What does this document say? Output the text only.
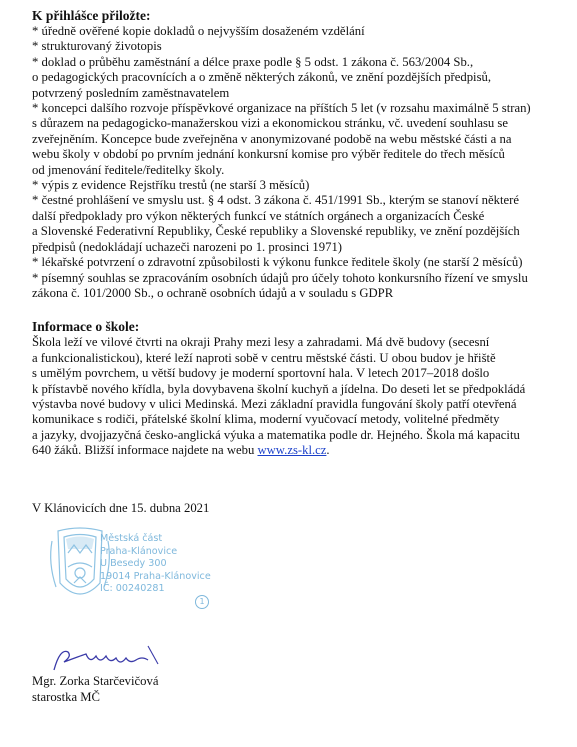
K přihlášce přiložte:

* úředně ověřené kopie dokladů o nejvyšším dosaženém vzdělání

* strukturovaný životopis

* doklad o průběhu zaměstnání a délce praxe podle § 5 odst. 1 zákona č. 563/2004 Sb.,

o pedagogických pracovnících a o změně některých zákonů, ve znění pozdějších předpisů,

potvrzený posledním zaměstnavatelem

* koncepci dalšího rozvoje příspěvkové organizace na příštích 5 let (v rozsahu maximálně 5 stran)

s důrazem na pedagogicko-manažerskou vizi a ekonomickou stránku, vč. uvedení souhlasu se

zveřejněním. Koncepce bude zveřejněna v anonymizované podobě na webu městské části a na

webu školy v období po prvním jednání konkursní komise pro výběr ředitele do třech měsíců

od jmenování ředitele/ředitelky školy.

* výpis z evidence Rejstříku trestů (ne starší 3 měsíců)

* čestné prohlášení ve smyslu ust. § 4 odst. 3 zákona č. 451/1991 Sb., kterým se stanoví některé

další předpoklady pro výkon některých funkcí ve státních orgánech a organizacích České

a Slovenské Federativní Republiky, České republiky a Slovenské republiky, ve znění pozdějších

předpisů (nedokládají uchazeči narozeni po 1. prosinci 1971)

* lékařské potvrzení o zdravotní způsobilosti k výkonu funkce ředitele školy (ne starší 2 měsíců)

* písemný souhlas se zpracováním osobních údajů pro účely tohoto konkursního řízení ve smyslu

zákona č. 101/2000 Sb., o ochraně osobních údajů a v souladu s GDPR

Informace o škole:

Škola leží ve vilové čtvrti na okraji Prahy mezi lesy a zahradami. Má dvě budovy (secesní

a funkcionalistickou), které leží naproti sobě v centru městské části. U obou budov je hřiště

s umělým povrchem, u větší budovy je moderní sportovní hala. V letech 2017–2018 došlo

k přístavbě nového křídla, byla dovybavena školní kuchyň a jídelna. Do deseti let se předpokládá

výstavba nové budovy v ulici Medinská. Mezi základní pravidla fungování školy patří otevřená

komunikace s rodiči, přátelské školní klima, moderní vyučovací metody, volitelné předměty

a jazyky, dvojjazyčná česko-anglická výuka a matematika podle dr. Hejného. Škola má kapacitu

640 žáků. Bližší informace najdete na webu www.zs-kl.cz.

V Klánovicích dne 15. dubna 2021

Městská část
Praha-Klánovice
U Besedy 300
19014 Praha-Klánovice
IČ: 00240281
1
Mgr. Zorka Starčevičová
starostka MČ
